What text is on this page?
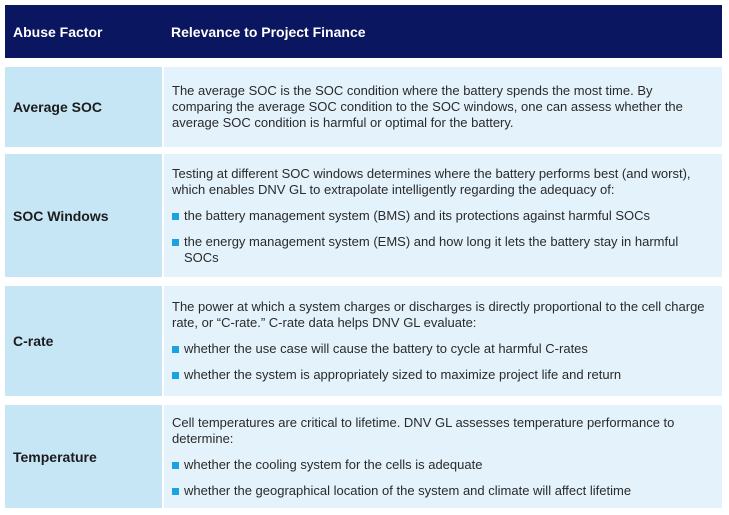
Abuse Factor	Relevance to Project Finance
Average SOC

The average SOC is the SOC condition where the battery spends the most time. By comparing the average SOC condition to the SOC windows, one can assess whether the average SOC condition is harmful or optimal for the battery.

SOC Windows

Testing at different SOC windows determines where the battery performs best (and worst), which enables DNV GL to extrapolate intelligently regarding the adequacy of:

the battery management system (BMS) and its protections against harmful SOCs
the energy management system (EMS) and how long it lets the battery stay in harmful SOCs
C-rate

The power at which a system charges or discharges is directly proportional to the cell charge rate, or “C-rate.” C-rate data helps DNV GL evaluate:

whether the use case will cause the battery to cycle at harmful C-rates
whether the system is appropriately sized to maximize project life and return
Temperature

Cell temperatures are critical to lifetime. DNV GL assesses temperature performance to determine:

whether the cooling system for the cells is adequate
whether the geographical location of the system and climate will affect lifetime
